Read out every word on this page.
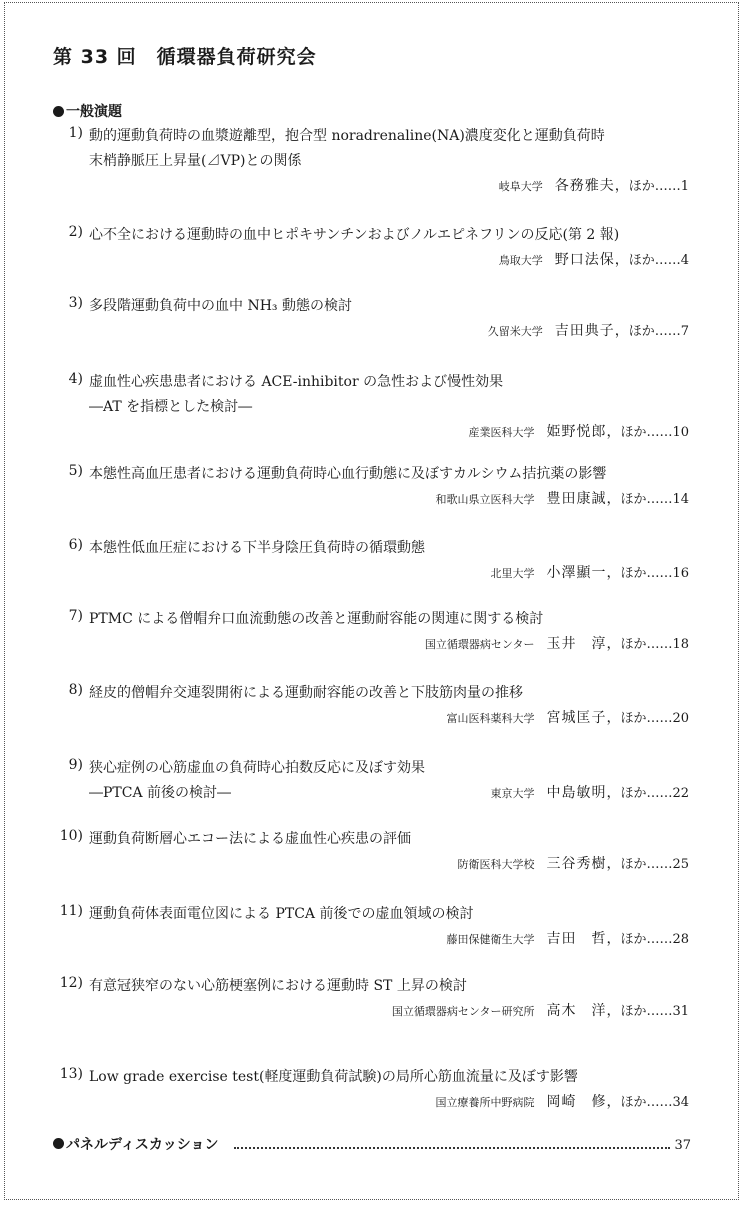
第 33 回　循環器負荷研究会
一般演題
1) 動的運動負荷時の血漿遊離型，抱合型 noradrenaline(NA)濃度変化と運動負荷時
末梢静脈圧上昇量(⊿VP)との関係
岐阜大学 各務雅夫，ほか……1
2) 心不全における運動時の血中ヒポキサンチンおよびノルエピネフリンの反応(第 2 報)
鳥取大学 野口法保，ほか……4
3) 多段階運動負荷中の血中 NH₃ 動態の検討
久留米大学 吉田典子，ほか……7
4) 虚血性心疾患患者における ACE-inhibitor の急性および慢性効果
―AT を指標とした検討―
産業医科大学 姫野悦郎，ほか……10
5) 本態性高血圧患者における運動負荷時心血行動態に及ぼすカルシウム拮抗薬の影響
和歌山県立医科大学 豊田康誠，ほか……14
6) 本態性低血圧症における下半身陰圧負荷時の循環動態
北里大学 小澤顯一，ほか……16
7) PTMC による僧帽弁口血流動態の改善と運動耐容能の関連に関する検討
国立循環器病センター 玉井　淳，ほか……18
8) 経皮的僧帽弁交連裂開術による運動耐容能の改善と下肢筋肉量の推移
富山医科薬科大学 宮城匡子，ほか……20
9) 狭心症例の心筋虚血の負荷時心拍数反応に及ぼす効果
―PTCA 前後の検討―	東京大学 中島敏明，ほか……22
10) 運動負荷断層心エコー法による虚血性心疾患の評価
防衛医科大学校 三谷秀樹，ほか……25
11) 運動負荷体表面電位図による PTCA 前後での虚血領域の検討
藤田保健衛生大学 吉田　哲，ほか……28
12) 有意冠狭窄のない心筋梗塞例における運動時 ST 上昇の検討
国立循環器病センター研究所 高木　洋，ほか……31
13) Low grade exercise test(軽度運動負荷試験)の局所心筋血流量に及ぼす影響
国立療養所中野病院 岡崎　修，ほか……34
パネルディスカッション	37
